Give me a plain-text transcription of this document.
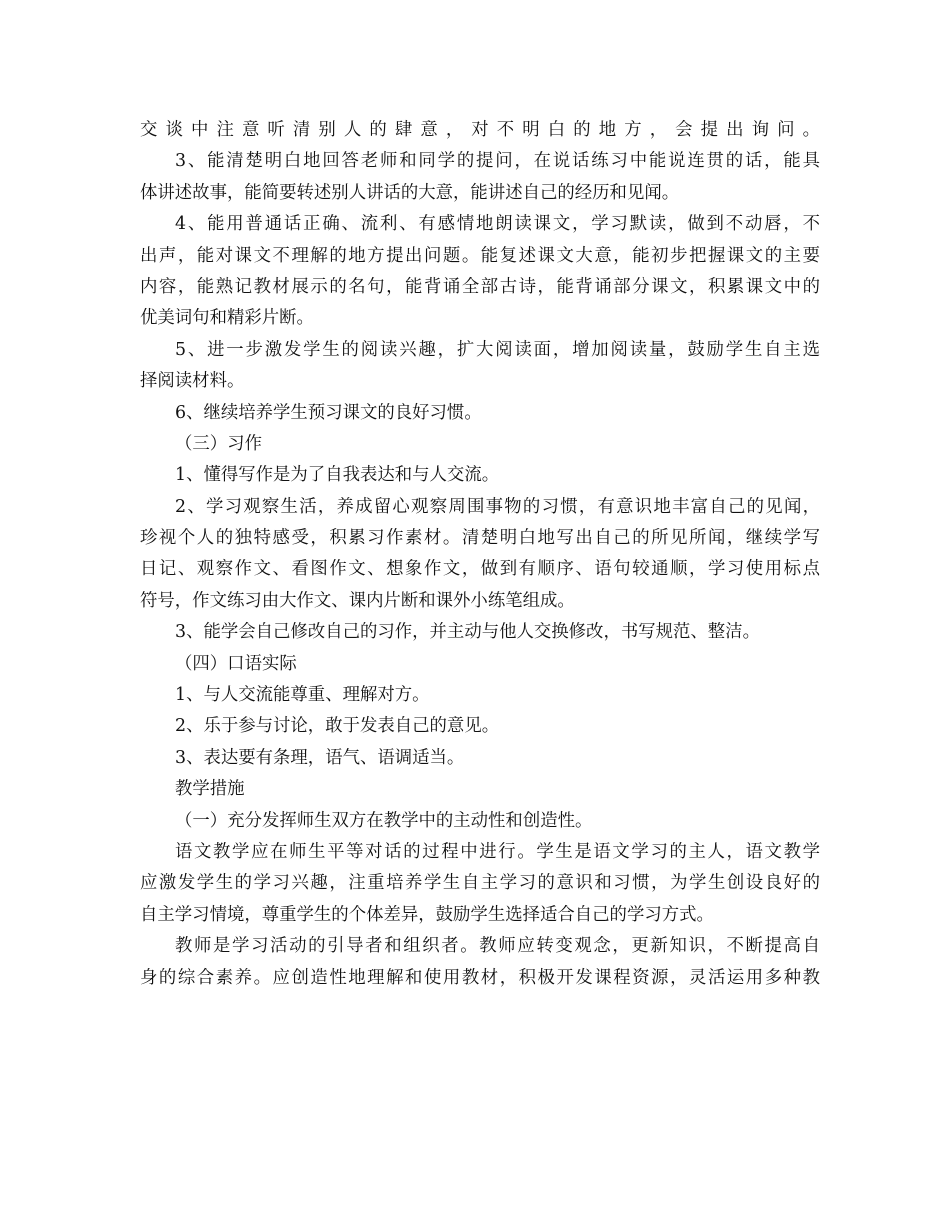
交谈中注意听清别人的肆意，对不明白的地方，会提出询问。
3、能清楚明白地回答老师和同学的提问，在说话练习中能说连贯的话，能具
体讲述故事，能简要转述别人讲话的大意，能讲述自己的经历和见闻。
4、能用普通话正确、流利、有感情地朗读课文，学习默读，做到不动唇，不
出声，能对课文不理解的地方提出问题。能复述课文大意，能初步把握课文的主要
内容，能熟记教材展示的名句，能背诵全部古诗，能背诵部分课文，积累课文中的
优美词句和精彩片断。
5、进一步激发学生的阅读兴趣，扩大阅读面，增加阅读量，鼓励学生自主选
择阅读材料。
6、继续培养学生预习课文的良好习惯。
（三）习作
1、懂得写作是为了自我表达和与人交流。
2、学习观察生活，养成留心观察周围事物的习惯，有意识地丰富自己的见闻，
珍视个人的独特感受，积累习作素材。清楚明白地写出自己的所见所闻，继续学写
日记、观察作文、看图作文、想象作文，做到有顺序、语句较通顺，学习使用标点
符号，作文练习由大作文、课内片断和课外小练笔组成。
3、能学会自己修改自己的习作，并主动与他人交换修改，书写规范、整洁。
（四）口语实际
1、与人交流能尊重、理解对方。
2、乐于参与讨论，敢于发表自己的意见。
3、表达要有条理，语气、语调适当。
教学措施
（一）充分发挥师生双方在教学中的主动性和创造性。
语文教学应在师生平等对话的过程中进行。学生是语文学习的主人，语文教学
应激发学生的学习兴趣，注重培养学生自主学习的意识和习惯，为学生创设良好的
自主学习情境，尊重学生的个体差异，鼓励学生选择适合自己的学习方式。
教师是学习活动的引导者和组织者。教师应转变观念，更新知识，不断提高自
身的综合素养。应创造性地理解和使用教材，积极开发课程资源，灵活运用多种教
